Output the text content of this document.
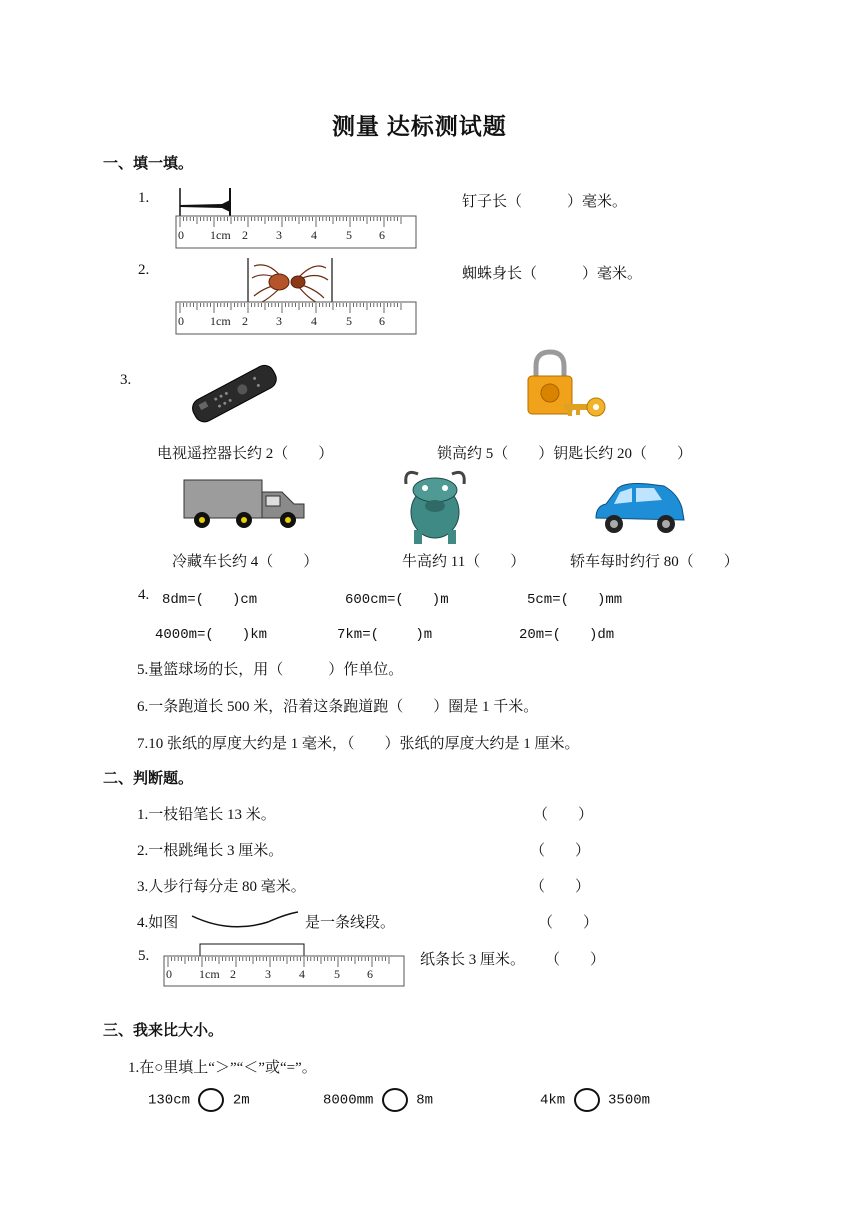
测量 达标测试题
一、填一填。
1.
0 1cm 2 3 4 5 6
钉子长（　　　）毫米。
2.
0 1cm 2 3 4 5 6
蜘蛛身长（　　　）毫米。
3.
电视遥控器长约 2（　　）	锁高约 5（　　）钥匙长约 20（　　）
冷藏车长约 4（　　）	牛高约 11（　　）	轿车每时约行 80（　　）
4. 8dm=(　　)cm	600cm=(　　)m	5cm=(　　)mm
4000m=(　　)km	7km=(　　 )m	20m=(　　)dm
5.量篮球场的长，用（　　　）作单位。
6.一条跑道长 500 米，沿着这条跑道跑（　　）圈是 1 千米。
7.10 张纸的厚度大约是 1 毫米，（　　）张纸的厚度大约是 1 厘米。
二、判断题。
1.一枝铅笔长 13 米。	（　　）
2.一根跳绳长 3 厘米。	（　　）
3.人步行每分走 80 毫米。	（　　）
4.如图	是一条线段。	（　　）
5.
0 1cm 2 3 4 5 6
纸条长 3 厘米。 （　　）
三、我来比大小。
1.在○里填上“＞”“＜”或“=”。
130cm	2m	8000mm	8m	4km	3500m
